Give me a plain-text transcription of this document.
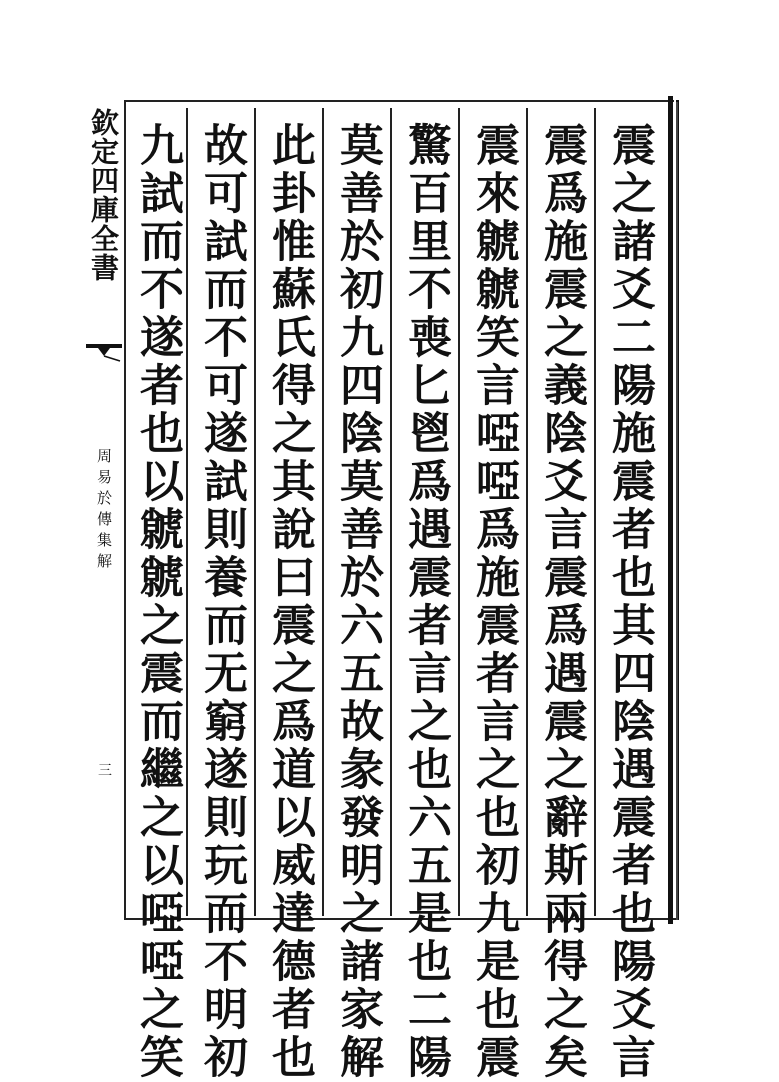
欽定四庫全書
周易於傳集解
三	震之諸爻二陽施震者也其四陰遇震者也陽爻言
震爲施震之義陰爻言震爲遇震之辭斯兩得之矣
震來虩虩笑言啞啞爲施震者言之也初九是也震
驚百里不喪匕鬯爲遇震者言之也六五是也二陽
莫善於初九四陰莫善於六五故彖發明之諸家解
此卦惟蘇氏得之其說曰震之爲道以威達德者也
故可試而不可遂試則養而无窮遂則玩而不明初
九試而不遂者也以虩虩之震而繼之以啞啞之笑
